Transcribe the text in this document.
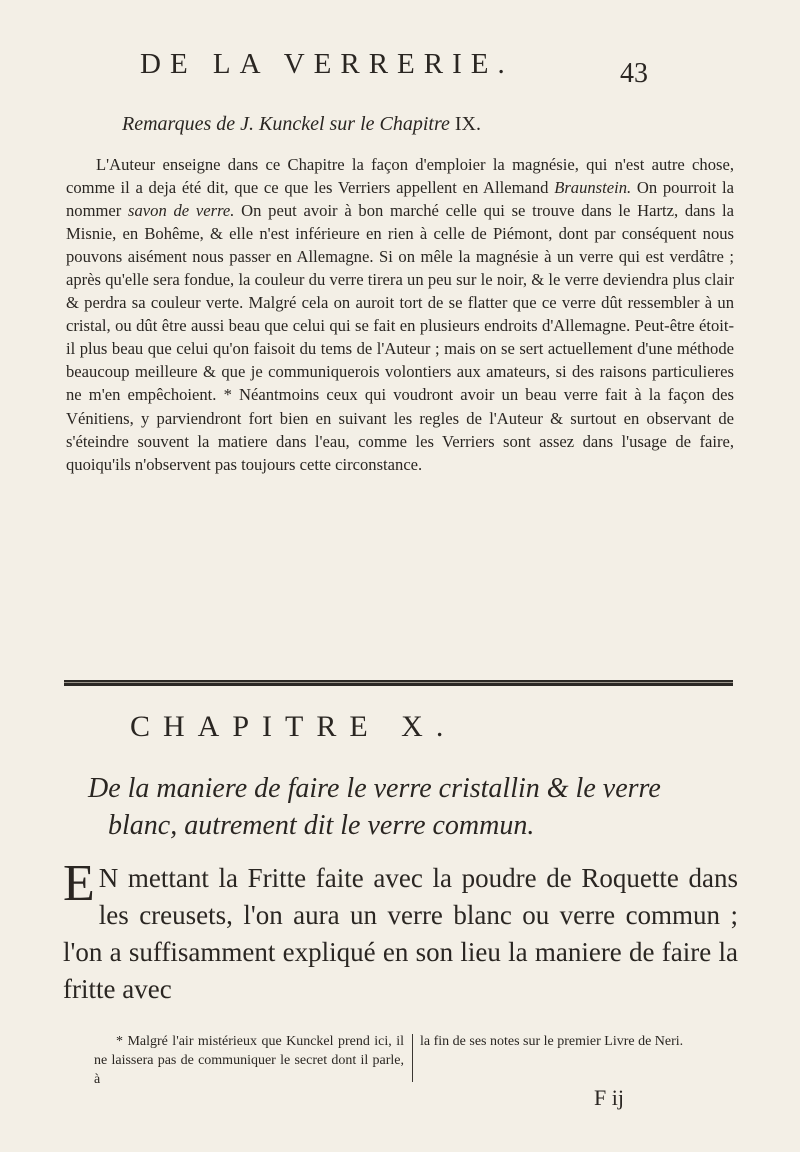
DE LA VERRERIE.	43
Remarques de J. Kunckel sur le Chapitre IX.

L'Auteur enseigne dans ce Chapitre la façon d'emploier la magnésie, qui n'est autre chose, comme il a deja été dit, que ce que les Verriers appellent en Allemand Braunstein. On pourroit la nommer savon de verre. On peut avoir à bon marché celle qui se trouve dans le Hartz, dans la Misnie, en Bohême, & elle n'est inférieure en rien à celle de Piémont, dont par conséquent nous pouvons aisément nous passer en Allemagne. Si on mêle la magnésie à un verre qui est verdâtre ; après qu'elle sera fondue, la couleur du verre tirera un peu sur le noir, & le verre deviendra plus clair & perdra sa couleur verte. Malgré cela on auroit tort de se flatter que ce verre dût ressembler à un cristal, ou dût être aussi beau que celui qui se fait en plusieurs endroits d'Allemagne. Peut-être étoit-il plus beau que celui qu'on faisoit du tems de l'Auteur ; mais on se sert actuellement d'une méthode beaucoup meilleure & que je communiquerois volontiers aux amateurs, si des raisons particulieres ne m'en empêchoient. * Néantmoins ceux qui voudront avoir un beau verre fait à la façon des Vénitiens, y parviendront fort bien en suivant les regles de l'Auteur & surtout en observant de s'éteindre souvent la matiere dans l'eau, comme les Verriers sont assez dans l'usage de faire, quoiqu'ils n'observent pas toujours cette circonstance.

CHAPITRE X.
De la maniere de faire le verre cristallin & le verre
blanc, autrement dit le verre commun.
E N mettant la Fritte faite avec la poudre de Roquette dans les creusets, l'on aura un verre blanc ou verre commun ; l'on a suffisamment expliqué en son lieu la maniere de faire la fritte avec
* Malgré l'air mistérieux que Kunckel prend ici, il ne laissera pas de communiquer le secret dont il parle, à
la fin de ses notes sur le premier Livre de Neri.
F ij
